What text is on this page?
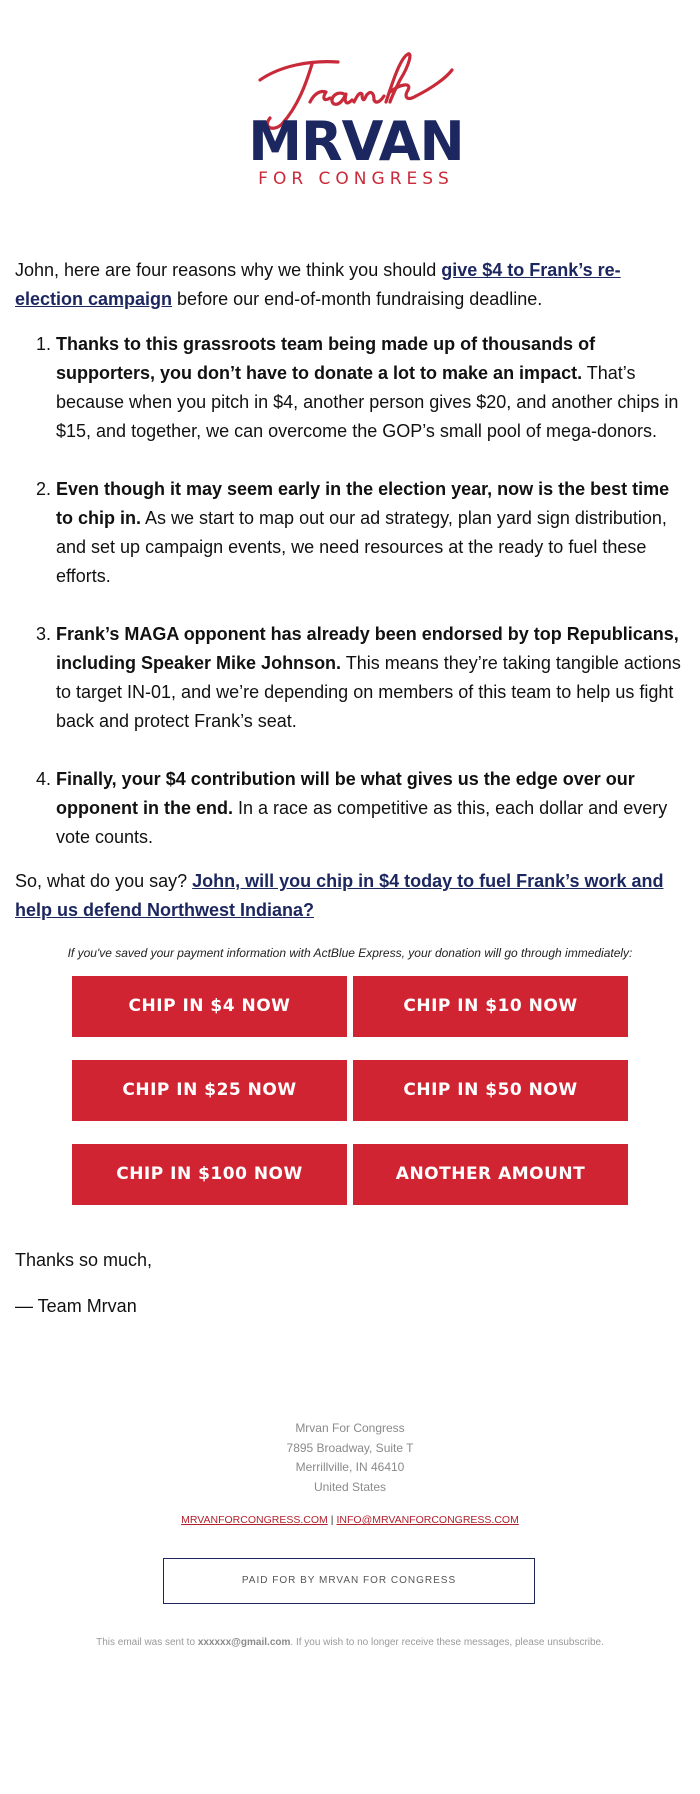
MRVAN
FOR CONGRESS
John, here are four reasons why we think you should give $4 to Frank’s re-election campaign before our end-of-month fundraising deadline.
1. Thanks to this grassroots team being made up of thousands of supporters, you don’t have to donate a lot to make an impact. That’s because when you pitch in $4, another person gives $20, and another chips in $15, and together, we can overcome the GOP’s small pool of mega-donors.
2. Even though it may seem early in the election year, now is the best time to chip in. As we start to map out our ad strategy, plan yard sign distribution, and set up campaign events, we need resources at the ready to fuel these efforts.
3. Frank’s MAGA opponent has already been endorsed by top Republicans, including Speaker Mike Johnson. This means they’re taking tangible actions to target IN-01, and we’re depending on members of this team to help us fight back and protect Frank’s seat.
4. Finally, your $4 contribution will be what gives us the edge over our opponent in the end. In a race as competitive as this, each dollar and every vote counts.
So, what do you say? John, will you chip in $4 today to fuel Frank’s work and help us defend Northwest Indiana?
If you've saved your payment information with ActBlue Express, your donation will go through immediately:
CHIP IN $4 NOW	CHIP IN $10 NOW
CHIP IN $25 NOW	CHIP IN $50 NOW
CHIP IN $100 NOW	ANOTHER AMOUNT
Thanks so much,
— Team Mrvan
Mrvan For Congress
7895 Broadway, Suite T
Merrillville, IN 46410
United States
MRVANFORCONGRESS.COM | INFO@MRVANFORCONGRESS.COM
PAID FOR BY MRVAN FOR CONGRESS
This email was sent to xxxxxx@gmail.com. If you wish to no longer receive these messages, please unsubscribe.
